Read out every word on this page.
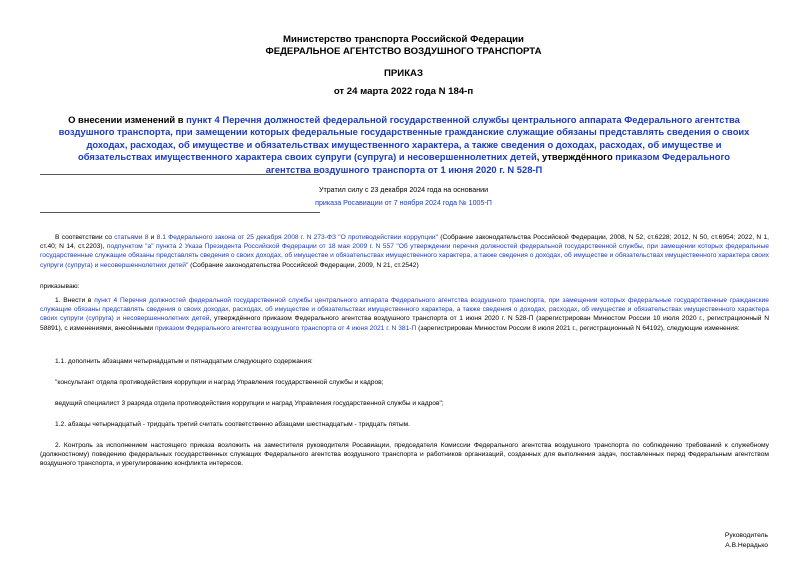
Министерство транспорта Российской Федерации
ФЕДЕРАЛЬНОЕ АГЕНТСТВО ВОЗДУШНОГО ТРАНСПОРТА
ПРИКАЗ
от 24 марта 2022 года N 184-п
О внесении изменений в пункт 4 Перечня должностей федеральной государственной службы центрального аппарата Федерального агентства воздушного транспорта, при замещении которых федеральные государственные гражданские служащие обязаны представлять сведения о своих доходах, расходах, об имуществе и обязательствах имущественного характера, а также сведения о доходах, расходах, об имуществе и обязательствах имущественного характера своих супруги (супруга) и несовершеннолетних детей, утверждённого приказом Федерального агентства воздушного транспорта от 1 июня 2020 г. N 528-П
Утратил силу с 23 декабря 2024 года на основании
приказа Росавиации от 7 ноября 2024 года № 1005-П
В соответствии со статьями 8 и 8.1 Федерального закона от 25 декабря 2008 г. N 273-ФЗ "О противодействии коррупции" (Собрание законодательства Российской Федерации, 2008, N 52, ст.6228; 2012, N 50, ст.6954; 2022, N 1, ст.40; N 14, ст.2203), подпунктом "а" пункта 2 Указа Президента Российской Федерации от 18 мая 2009 г. N 557 "Об утверждении перечня должностей федеральной государственной службы, при замещении которых федеральные государственные служащие обязаны представлять сведения о своих доходах, об имуществе и обязательствах имущественного характера, а также сведения о доходах, об имуществе и обязательствах имущественного характера своих супруги (супруга) и несовершеннолетних детей" (Собрание законодательства Российской Федерации, 2009, N 21, ст.2542)
приказываю:
1. Внести в пункт 4 Перечня должностей федеральной государственной службы центрального аппарата Федерального агентства воздушного транспорта, при замещении которых федеральные государственные гражданские служащие обязаны представлять сведения о своих доходах, расходах, об имуществе и обязательствах имущественного характера, а также сведения о доходах, расходах, об имуществе и обязательствах имущественного характера своих супруги (супруга) и несовершеннолетних детей, утверждённого приказом Федерального агентства воздушного транспорта от 1 июня 2020 г. N 528-П (зарегистрирован Минюстом России 10 июля 2020 г., регистрационный N 58891), с изменениями, внесёнными приказом Федерального агентства воздушного транспорта от 4 июня 2021 г. N 381-П (зарегистрирован Минюстом России 8 июля 2021 г., регистрационный N 64192), следующие изменения:
1.1. дополнить абзацами четырнадцатым и пятнадцатым следующего содержания:
"консультант отдела противодействия коррупции и наград Управления государственной службы и кадров;
ведущий специалист 3 разряда отдела противодействия коррупции и наград Управления государственной службы и кадров";
1.2. абзацы четырнадцатый - тридцать третий считать соответственно абзацами шестнадцатым - тридцать пятым.
2. Контроль за исполнением настоящего приказа возложить на заместителя руководителя Росавиации, председателя Комиссии Федерального агентства воздушного транспорта по соблюдению требований к служебному (должностному) поведению федеральных государственных служащих Федерального агентства воздушного транспорта и работников организаций, созданных для выполнения задач, поставленных перед Федеральным агентством воздушного транспорта, и урегулированию конфликта интересов.
Руководитель
А.В.Нерадько
